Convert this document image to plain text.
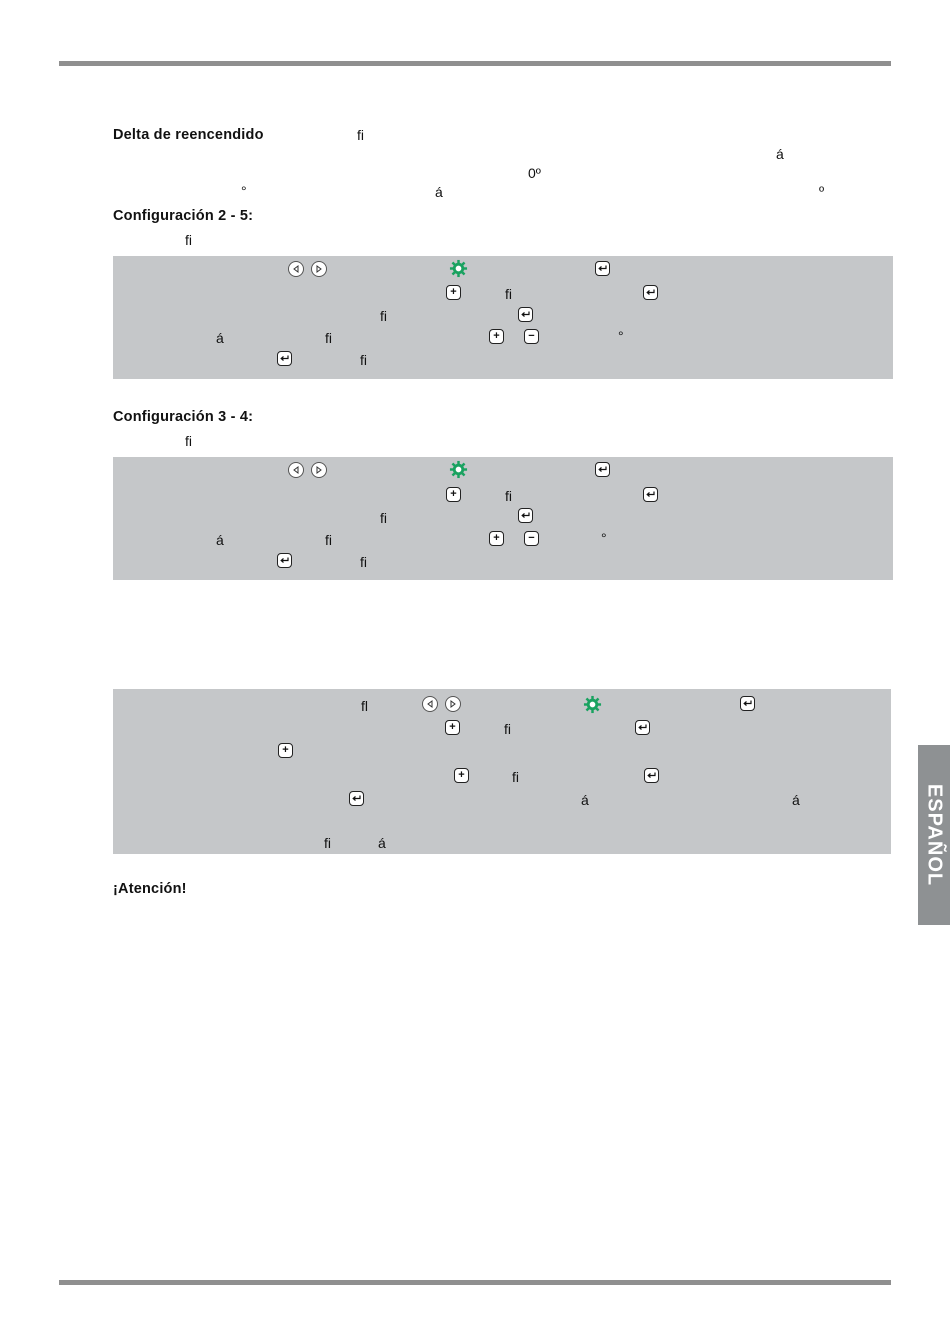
Delta de reencendido	fi
á
0º
°	á	º
Configuración 2 - 5:
fi
+	fi
fi
á	fi	+	−	°
fi
Configuración 3 - 4:
fi
+	fi
fi
á	fi	+	−	°
fi
fl
+	fi
+
+	fi
á	á
fi	á
¡Atención!
ESPAÑOL
